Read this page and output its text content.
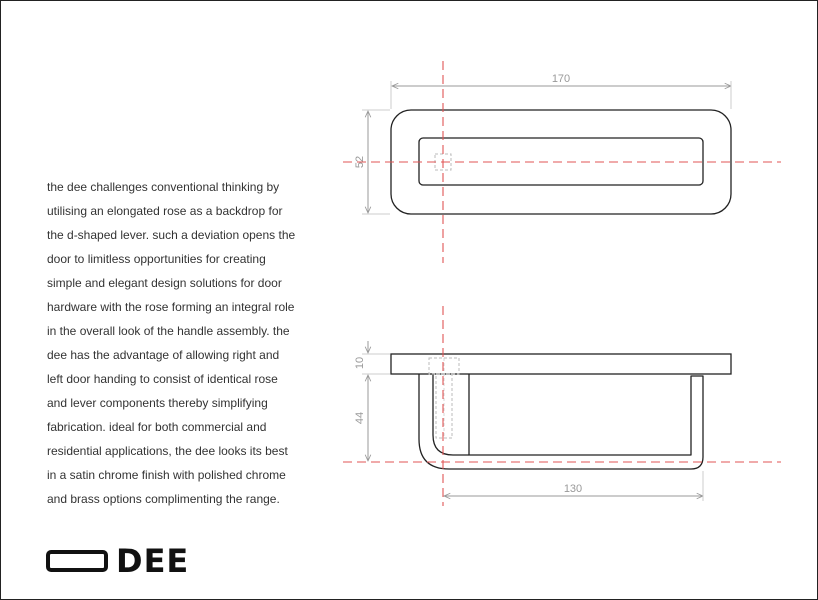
the dee challenges conventional thinking by
utilising an elongated rose as a backdrop for
the d-shaped lever. such a deviation opens the
door to limitless opportunities for creating
simple and elegant design solutions for door
hardware with the rose forming an integral role
in the overall look of the handle assembly. the
dee has the advantage of allowing right and
left door handing to consist of identical rose
and lever components thereby simplifying
fabrication. ideal for both commercial and
residential applications, the dee looks its best
in a satin chrome finish with polished chrome
and brass options complimenting the range.
DEE
170
52
10
44
130
